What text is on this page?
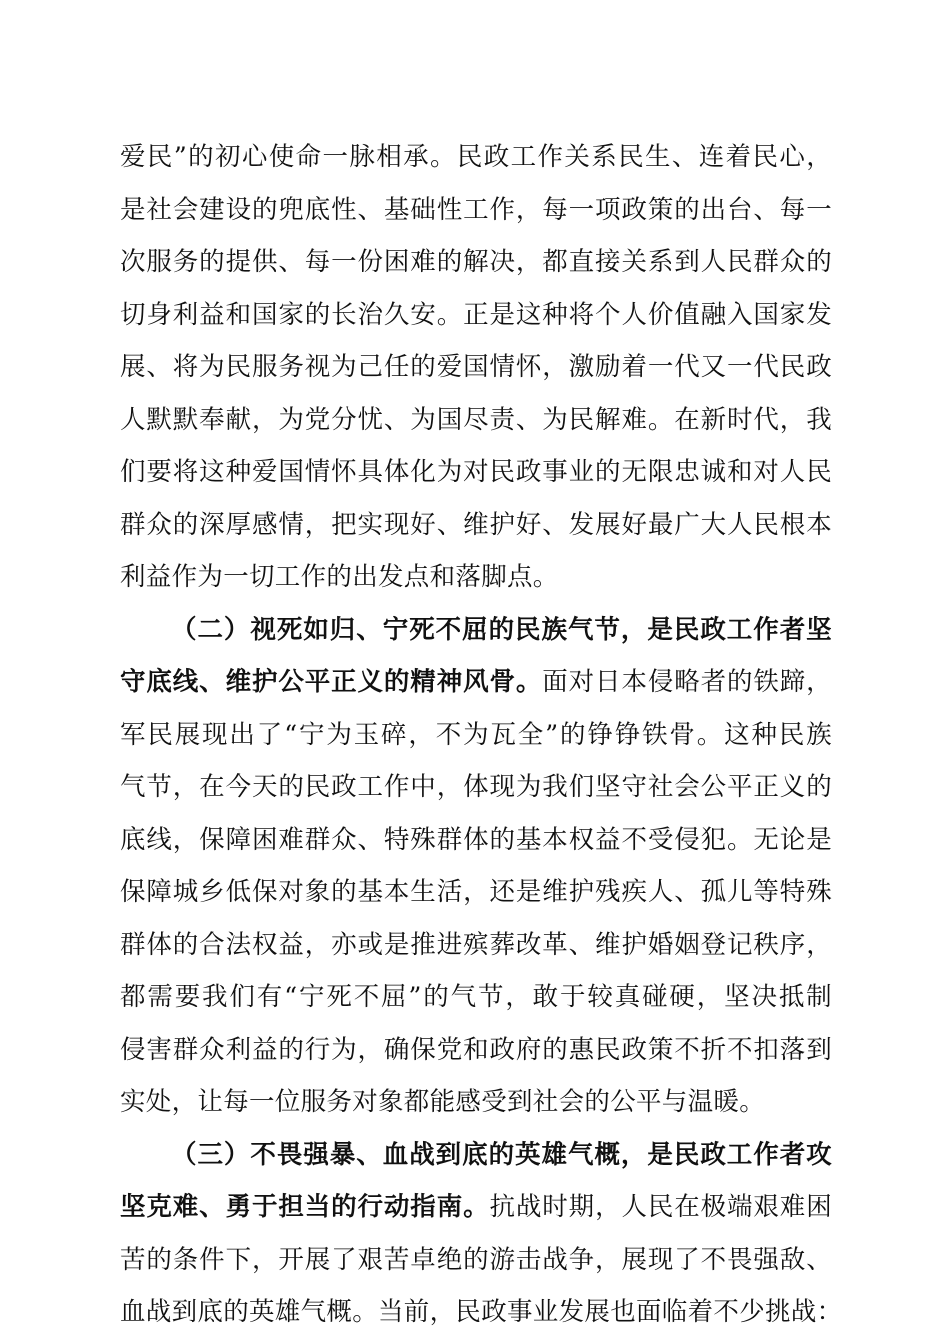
爱民”的初心使命一脉相承。民政工作关系民生、连着民心，
是社会建设的兜底性、基础性工作，每一项政策的出台、每一
次服务的提供、每一份困难的解决，都直接关系到人民群众的
切身利益和国家的长治久安。正是这种将个人价值融入国家发
展、将为民服务视为己任的爱国情怀，激励着一代又一代民政
人默默奉献，为党分忧、为国尽责、为民解难。在新时代，我
们要将这种爱国情怀具体化为对民政事业的无限忠诚和对人民
群众的深厚感情，把实现好、维护好、发展好最广大人民根本
利益作为一切工作的出发点和落脚点。
（二）视死如归、宁死不屈的民族气节，是民政工作者坚
守底线、维护公平正义的精神风骨。面对日本侵略者的铁蹄，
军民展现出了“宁为玉碎，不为瓦全”的铮铮铁骨。这种民族
气节，在今天的民政工作中，体现为我们坚守社会公平正义的
底线，保障困难群众、特殊群体的基本权益不受侵犯。无论是
保障城乡低保对象的基本生活，还是维护残疾人、孤儿等特殊
群体的合法权益，亦或是推进殡葬改革、维护婚姻登记秩序，
都需要我们有“宁死不屈”的气节，敢于较真碰硬，坚决抵制
侵害群众利益的行为，确保党和政府的惠民政策不折不扣落到
实处，让每一位服务对象都能感受到社会的公平与温暖。
（三）不畏强暴、血战到底的英雄气概，是民政工作者攻
坚克难、勇于担当的行动指南。抗战时期，人民在极端艰难困
苦的条件下，开展了艰苦卓绝的游击战争，展现了不畏强敌、
血战到底的英雄气概。当前，民政事业发展也面临着不少挑战：
